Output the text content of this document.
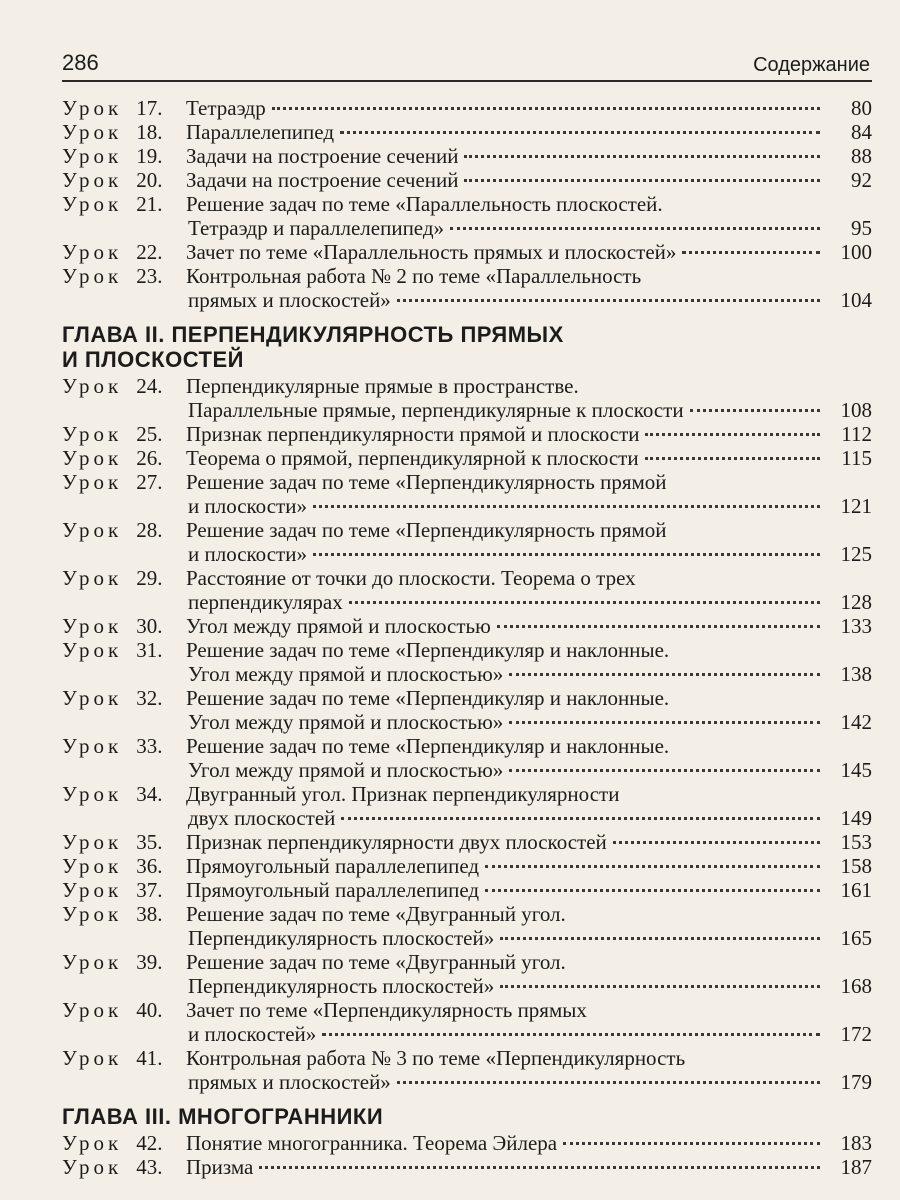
286	Содержание
Урок 17.	Тетраэдр	80
Урок 18.	Параллелепипед	84
Урок 19.	Задачи на построение сечений	88
Урок 20.	Задачи на построение сечений	92
Урок 21.	Решение задач по теме «Параллельность плоскостей.
Тетраэдр и параллелепипед»	95
Урок 22.	Зачет по теме «Параллельность прямых и плоскостей»	100
Урок 23.	Контрольная работа № 2 по теме «Параллельность
прямых и плоскостей»	104
ГЛАВА II. ПЕРПЕНДИКУЛЯРНОСТЬ ПРЯМЫХ
И ПЛОСКОСТЕЙ
Урок 24.	Перпендикулярные прямые в пространстве.
Параллельные прямые, перпендикулярные к плоскости	108
Урок 25.	Признак перпендикулярности прямой и плоскости	112
Урок 26.	Теорема о прямой, перпендикулярной к плоскости	115
Урок 27.	Решение задач по теме «Перпендикулярность прямой
и плоскости»	121
Урок 28.	Решение задач по теме «Перпендикулярность прямой
и плоскости»	125
Урок 29.	Расстояние от точки до плоскости. Теорема о трех
перпендикулярах	128
Урок 30.	Угол между прямой и плоскостью	133
Урок 31.	Решение задач по теме «Перпендикуляр и наклонные.
Угол между прямой и плоскостью»	138
Урок 32.	Решение задач по теме «Перпендикуляр и наклонные.
Угол между прямой и плоскостью»	142
Урок 33.	Решение задач по теме «Перпендикуляр и наклонные.
Угол между прямой и плоскостью»	145
Урок 34.	Двугранный угол. Признак перпендикулярности
двух плоскостей	149
Урок 35.	Признак перпендикулярности двух плоскостей	153
Урок 36.	Прямоугольный параллелепипед	158
Урок 37.	Прямоугольный параллелепипед	161
Урок 38.	Решение задач по теме «Двугранный угол.
Перпендикулярность плоскостей»	165
Урок 39.	Решение задач по теме «Двугранный угол.
Перпендикулярность плоскостей»	168
Урок 40.	Зачет по теме «Перпендикулярность прямых
и плоскостей»	172
Урок 41.	Контрольная работа № 3 по теме «Перпендикулярность
прямых и плоскостей»	179
ГЛАВА III. МНОГОГРАННИКИ
Урок 42.	Понятие многогранника. Теорема Эйлера	183
Урок 43.	Призма	187
